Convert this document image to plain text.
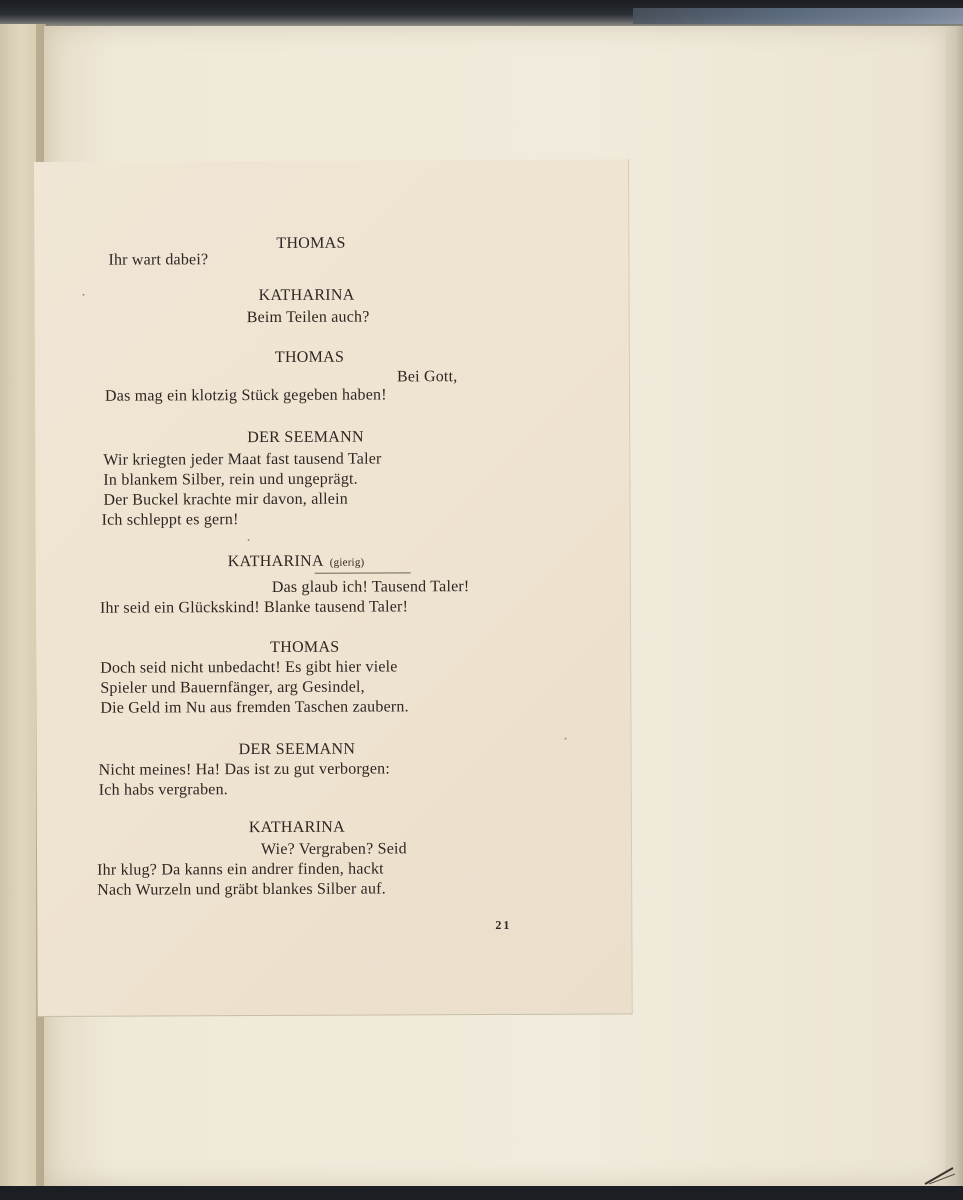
THOMAS
Ihr wart dabei?
KATHARINA
Beim Teilen auch?
THOMAS
Bei Gott,
Das mag ein klotzig Stück gegeben haben!
DER SEEMANN
Wir kriegten jeder Maat fast tausend Taler
In blankem Silber, rein und ungeprägt.
Der Buckel krachte mir davon, allein
Ich schleppt es gern!
KATHARINA (gierig)
Das glaub ich! Tausend Taler!
Ihr seid ein Glückskind! Blanke tausend Taler!
THOMAS
Doch seid nicht unbedacht! Es gibt hier viele
Spieler und Bauernfänger, arg Gesindel,
Die Geld im Nu aus fremden Taschen zaubern.
DER SEEMANN
Nicht meines! Ha! Das ist zu gut verborgen:
Ich habs vergraben.
KATHARINA
Wie? Vergraben? Seid
Ihr klug? Da kanns ein andrer finden, hackt
Nach Wurzeln und gräbt blankes Silber auf.
21
